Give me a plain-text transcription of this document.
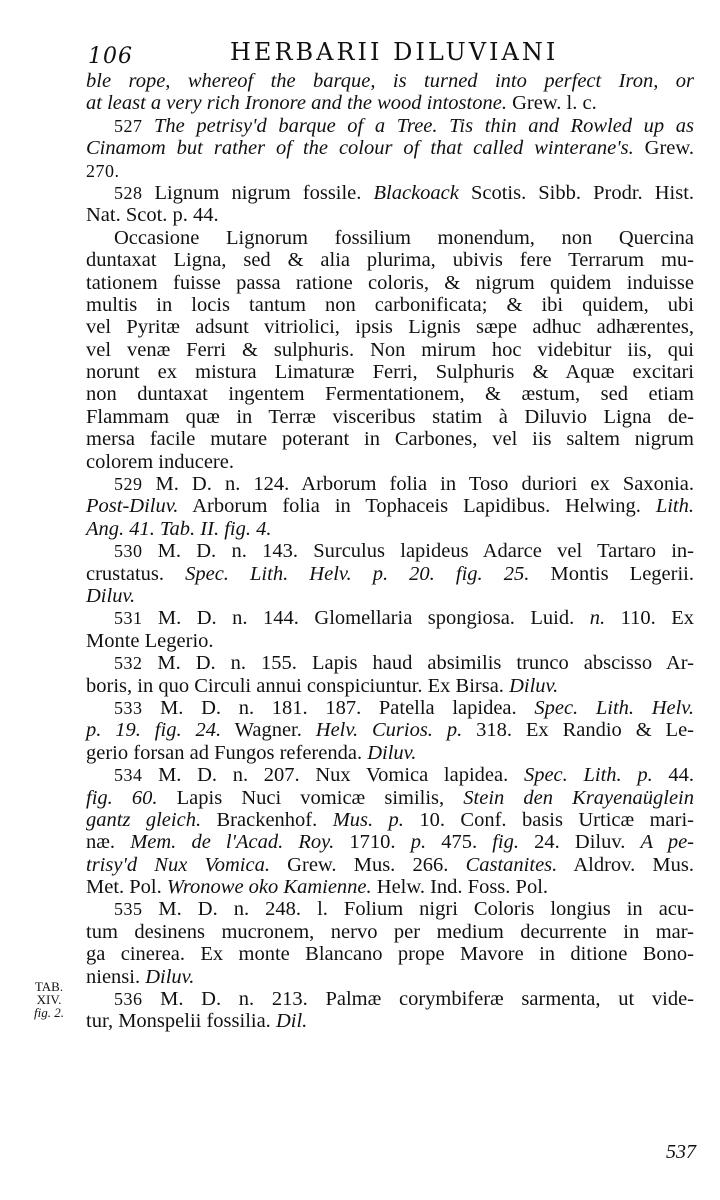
106	HERBARII DILUVIANI
ble rope, whereof the barque, is turned into perfect Iron, or
at least a very rich Ironore and the wood intostone. Grew. l. c.
527 The petrisy'd barque of a Tree. Tis thin and Rowled up as
Cinamom but rather of the colour of that called winterane's. Grew.
270.
528 Lignum nigrum fossile. Blackoack Scotis. Sibb. Prodr. Hist.
Nat. Scot. p. 44.
Occasione Lignorum fossilium monendum, non Quercina
duntaxat Ligna, sed & alia plurima, ubivis fere Terrarum mu-
tationem fuisse passa ratione coloris, & nigrum quidem induisse
multis in locis tantum non carbonificata; & ibi quidem, ubi
vel Pyritæ adsunt vitriolici, ipsis Lignis sæpe adhuc adhærentes,
vel venæ Ferri & sulphuris. Non mirum hoc videbitur iis, qui
norunt ex mistura Limaturæ Ferri, Sulphuris & Aquæ excitari
non duntaxat ingentem Fermentationem, & æstum, sed etiam
Flammam quæ in Terræ visceribus statim à Diluvio Ligna de-
mersa facile mutare poterant in Carbones, vel iis saltem nigrum
colorem inducere.
529 M. D. n. 124. Arborum folia in Toso duriori ex Saxonia.
Post-Diluv. Arborum folia in Tophaceis Lapidibus. Helwing. Lith.
Ang. 41. Tab. II. fig. 4.
530 M. D. n. 143. Surculus lapideus Adarce vel Tartaro in-
crustatus. Spec. Lith. Helv. p. 20. fig. 25. Montis Legerii.
Diluv.
531 M. D. n. 144. Glomellaria spongiosa. Luid. n. 110. Ex
Monte Legerio.
532 M. D. n. 155. Lapis haud absimilis trunco abscisso Ar-
boris, in quo Circuli annui conspiciuntur. Ex Birsa. Diluv.
533 M. D. n. 181. 187. Patella lapidea. Spec. Lith. Helv.
p. 19. fig. 24. Wagner. Helv. Curios. p. 318. Ex Randio & Le-
gerio forsan ad Fungos referenda. Diluv.
534 M. D. n. 207. Nux Vomica lapidea. Spec. Lith. p. 44.
fig. 60. Lapis Nuci vomicæ similis, Stein den Krayenaüglein
gantz gleich. Brackenhof. Mus. p. 10. Conf. basis Urticæ mari-
næ. Mem. de l'Acad. Roy. 1710. p. 475. fig. 24. Diluv. A pe-
trisy'd Nux Vomica. Grew. Mus. 266. Castanites. Aldrov. Mus.
Met. Pol. Wronowe oko Kamienne. Helw. Ind. Foss. Pol.
535 M. D. n. 248. l. Folium nigri Coloris longius in acu-
tum desinens mucronem, nervo per medium decurrente in mar-
ga cinerea. Ex monte Blancano prope Mavore in ditione Bono-
niensi. Diluv.
536 M. D. n. 213. Palmæ corymbiferæ sarmenta, ut vide-
tur, Monspelii fossilia. Dil.
TAB.
XIV.
fig. 2.
537
